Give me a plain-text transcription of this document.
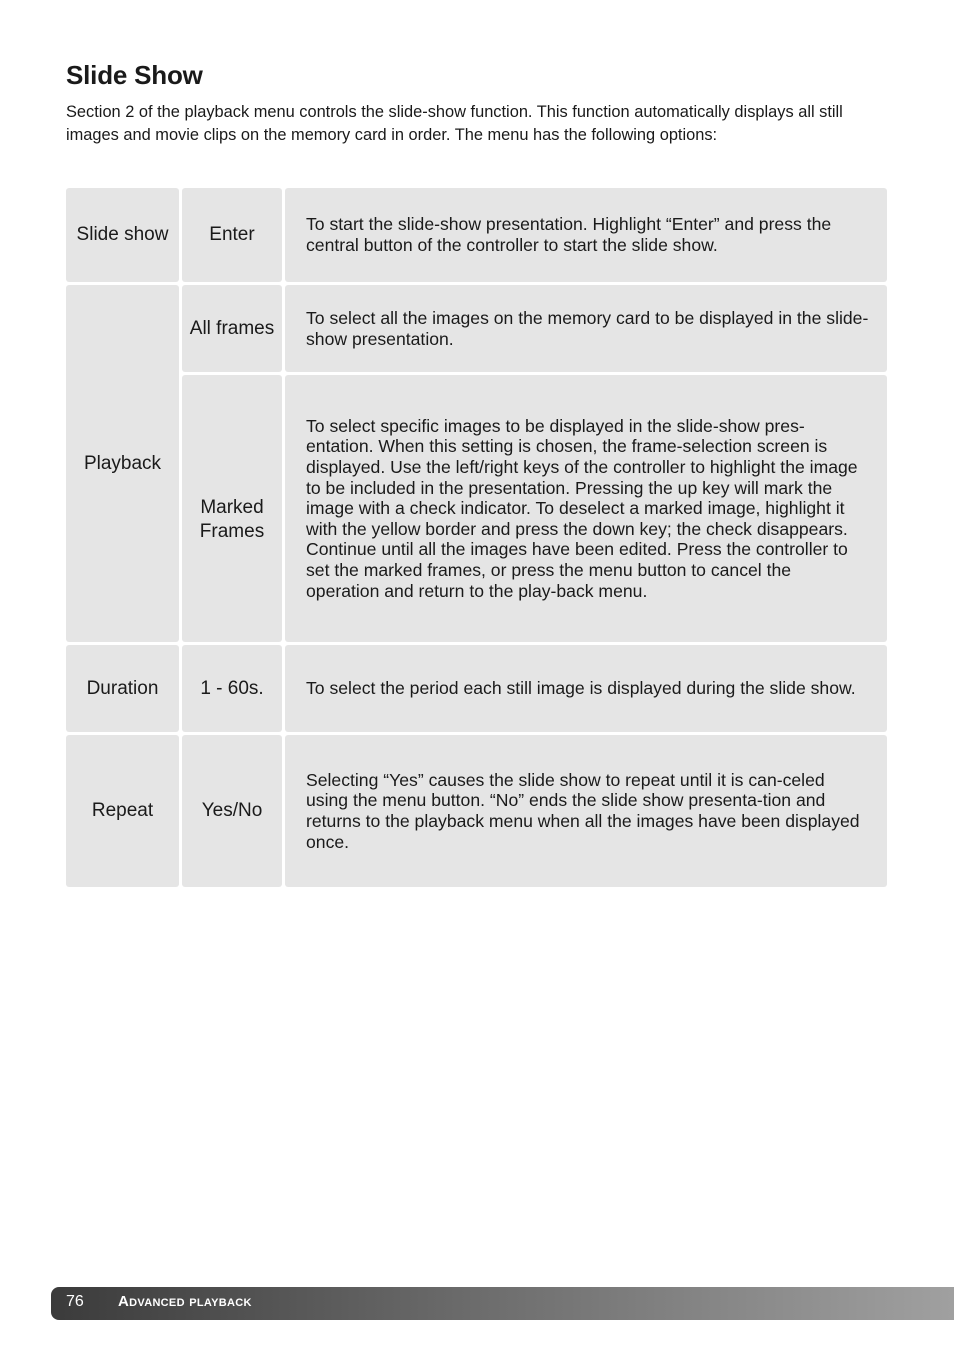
Slide Show

Section 2 of the playback menu controls the slide-show function. This function automatically displays all still images and movie clips on the memory card in order. The menu has the following options:

Slide show Enter	To start the slide-show presentation. Highlight “Enter” and press the central button of the controller to start the slide show.
Playback
All frames To select all the images on the memory card to be displayed in the slide-show presentation.
Marked Frames
To select specific images to be displayed in the slide-show pres-entation. When this setting is chosen, the frame-selection screen is displayed. Use the left/right keys of the controller to highlight the image to be included in the presentation. Pressing the up key will mark the image with a check indicator. To deselect a marked image, highlight it with the yellow border and press the down key; the check disappears. Continue until all the images have been edited. Press the controller to set the marked frames, or press the menu button to cancel the operation and return to the play-back menu.
Duration 1 - 60s. To select the period each still image is displayed during the slide show.
Repeat	Yes/No
Selecting “Yes” causes the slide show to repeat until it is can-celed using the menu button. “No” ends the slide show presenta-tion and returns to the playback menu when all the images have been displayed once.
76 Advanced playback
